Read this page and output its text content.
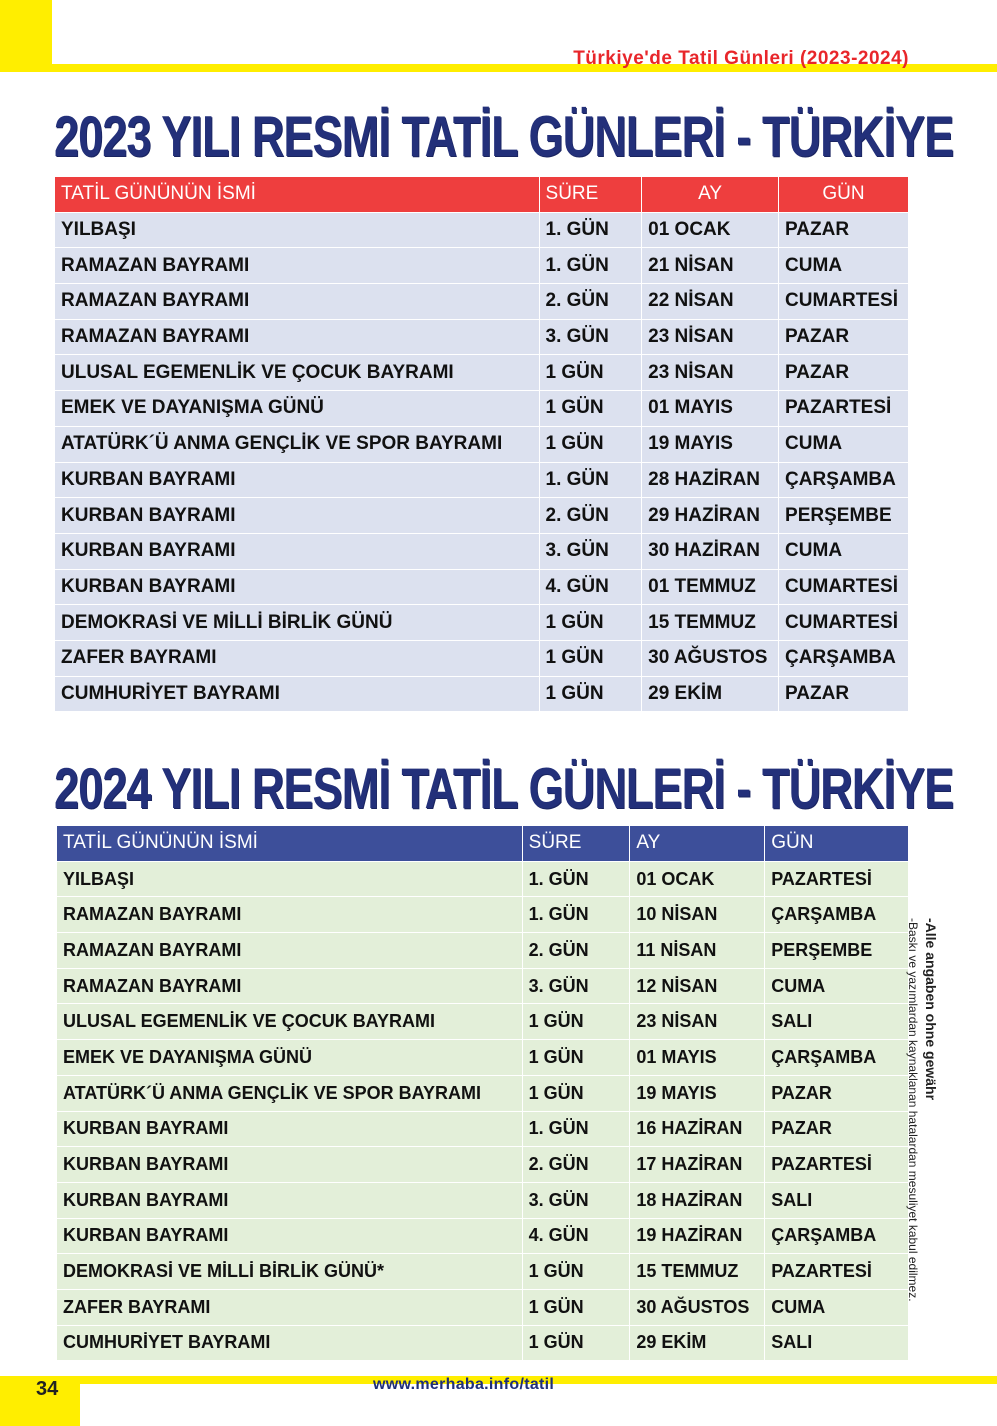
Türkiye'de Tatil Günleri (2023-2024)
2023 YILI RESMİ TATİL GÜNLERİ - TÜRKİYE
TATİL GÜNÜNÜN İSMİ	SÜRE	AY	GÜN
YILBAŞI	1. GÜN	01 OCAK	PAZAR
RAMAZAN BAYRAMI	1. GÜN	21 NİSAN	CUMA
RAMAZAN BAYRAMI	2. GÜN	22 NİSAN	CUMARTESİ
RAMAZAN BAYRAMI	3. GÜN	23 NİSAN	PAZAR
ULUSAL EGEMENLİK VE ÇOCUK BAYRAMI	1 GÜN	23 NİSAN	PAZAR
EMEK VE DAYANIŞMA GÜNÜ	1 GÜN	01 MAYIS	PAZARTESİ
ATATÜRK´Ü ANMA GENÇLİK VE SPOR BAYRAMI	1 GÜN	19 MAYIS	CUMA
KURBAN BAYRAMI	1. GÜN	28 HAZİRAN	ÇARŞAMBA
KURBAN BAYRAMI	2. GÜN	29 HAZİRAN	PERŞEMBE
KURBAN BAYRAMI	3. GÜN	30 HAZİRAN	CUMA
KURBAN BAYRAMI	4. GÜN	01 TEMMUZ	CUMARTESİ
DEMOKRASİ VE MİLLİ BİRLİK GÜNÜ	1 GÜN	15 TEMMUZ	CUMARTESİ
ZAFER BAYRAMI	1 GÜN	30 AĞUSTOS	ÇARŞAMBA
CUMHURİYET BAYRAMI	1 GÜN	29 EKİM	PAZAR
2024 YILI RESMİ TATİL GÜNLERİ - TÜRKİYE
TATİL GÜNÜNÜN İSMİ	SÜRE	AY	GÜN
YILBAŞI	1. GÜN	01 OCAK	PAZARTESİ
RAMAZAN BAYRAMI	1. GÜN	10 NİSAN	ÇARŞAMBA
RAMAZAN BAYRAMI	2. GÜN	11 NİSAN	PERŞEMBE
RAMAZAN BAYRAMI	3. GÜN	12 NİSAN	CUMA
ULUSAL EGEMENLİK VE ÇOCUK BAYRAMI	1 GÜN	23 NİSAN	SALI
EMEK VE DAYANIŞMA GÜNÜ	1 GÜN	01 MAYIS	ÇARŞAMBA
ATATÜRK´Ü ANMA GENÇLİK VE SPOR BAYRAMI	1 GÜN	19 MAYIS	PAZAR
KURBAN BAYRAMI	1. GÜN	16 HAZİRAN	PAZAR
KURBAN BAYRAMI	2. GÜN	17 HAZİRAN	PAZARTESİ
KURBAN BAYRAMI	3. GÜN	18 HAZİRAN	SALI
KURBAN BAYRAMI	4. GÜN	19 HAZİRAN	ÇARŞAMBA
DEMOKRASİ VE MİLLİ BİRLİK GÜNÜ*	1 GÜN	15 TEMMUZ	PAZARTESİ
ZAFER BAYRAMI	1 GÜN	30 AĞUSTOS	CUMA
CUMHURİYET BAYRAMI	1 GÜN	29 EKİM	SALI
-Alle angaben ohne gewähr
-Baskı ve yazımlardan kaynaklanan hatalardan mesuliyet kabul edilmez.
34	www.merhaba.info/tatil
